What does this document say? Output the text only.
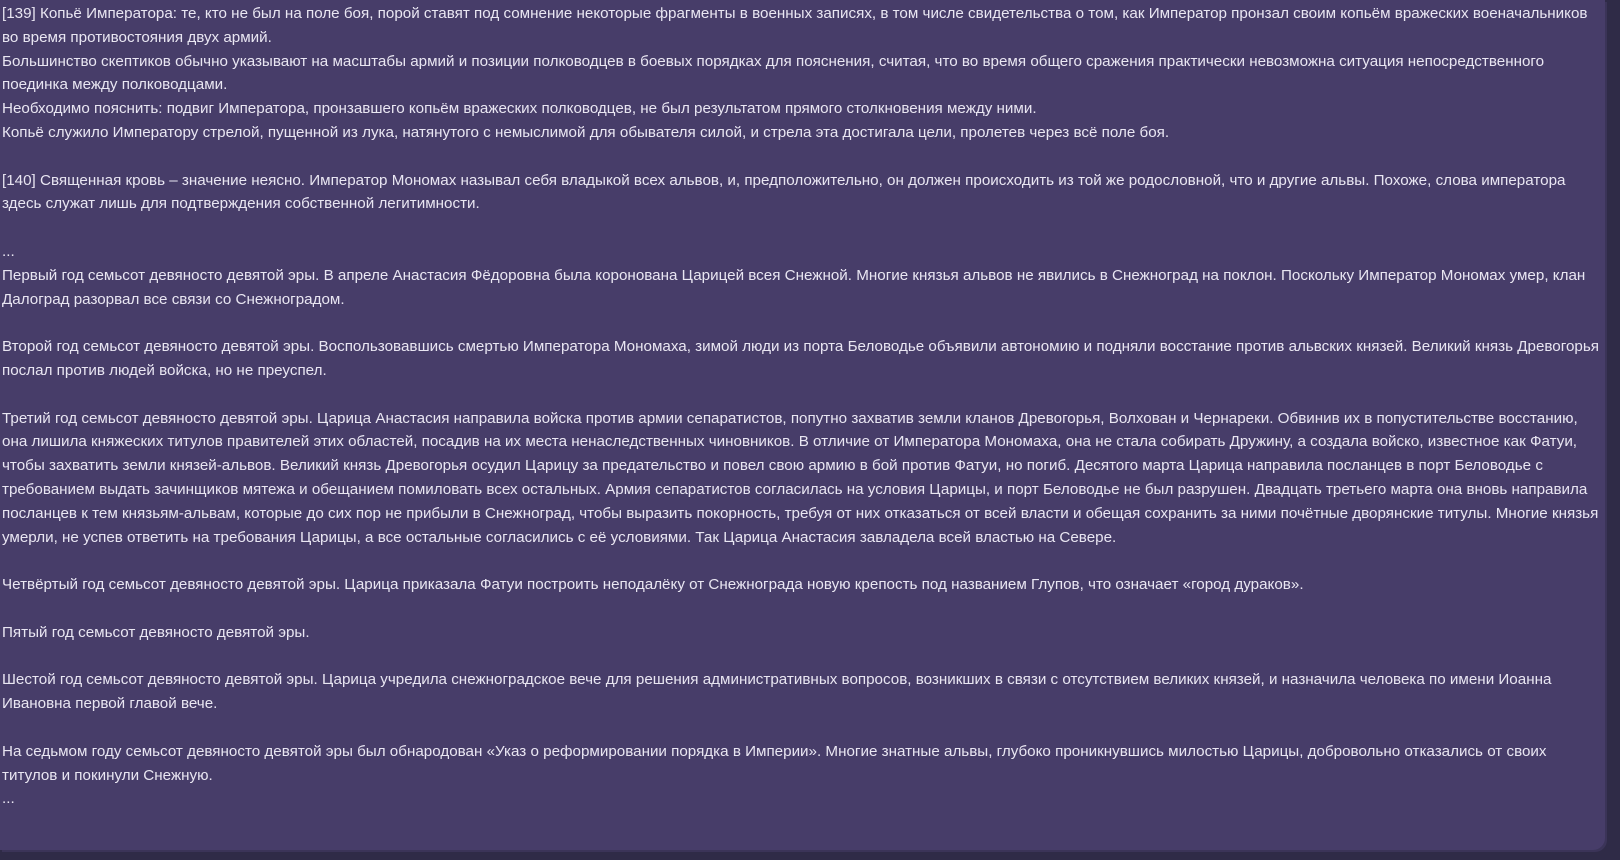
[139] Копьё Императора: те, кто не был на поле боя, порой ставят под сомнение некоторые фрагменты в военных записях, в том числе свидетельства о том, как Император пронзал своим копьём вражеских военачальников во время противостояния двух армий.

Большинство скептиков обычно указывают на масштабы армий и позиции полководцев в боевых порядках для пояснения, считая, что во время общего сражения практически невозможна ситуация непосредственного поединка между полководцами.

Необходимо пояснить: подвиг Императора, пронзавшего копьём вражеских полководцев, не был результатом прямого столкновения между ними.

Копьё служило Императору стрелой, пущенной из лука, натянутого с немыслимой для обывателя силой, и стрела эта достигала цели, пролетев через всё поле боя.

[140] Священная кровь – значение неясно. Император Мономах называл себя владыкой всех альвов, и, предположительно, он должен происходить из той же родословной, что и другие альвы. Похоже, слова императора здесь служат лишь для подтверждения собственной легитимности.

...

Первый год семьсот девяносто девятой эры. В апреле Анастасия Фёдоровна была коронована Царицей всея Снежной. Многие князья альвов не явились в Снежноград на поклон. Поскольку Император Мономах умер, клан Далоград разорвал все связи со Снежноградом.

Второй год семьсот девяносто девятой эры. Воспользовавшись смертью Императора Мономаха, зимой люди из порта Беловодье объявили автономию и подняли восстание против альвских князей. Великий князь Древогорья послал против людей войска, но не преуспел.

Третий год семьсот девяносто девятой эры. Царица Анастасия направила войска против армии сепаратистов, попутно захватив земли кланов Древогорья, Волхован и Чернареки. Обвинив их в попустительстве восстанию, она лишила княжеских титулов правителей этих областей, посадив на их места ненаследственных чиновников. В отличие от Императора Мономаха, она не стала собирать Дружину, а создала войско, известное как Фатуи, чтобы захватить земли князей-альвов. Великий князь Древогорья осудил Царицу за предательство и повел свою армию в бой против Фатуи, но погиб. Десятого марта Царица направила посланцев в порт Беловодье с требованием выдать зачинщиков мятежа и обещанием помиловать всех остальных. Армия сепаратистов согласилась на условия Царицы, и порт Беловодье не был разрушен. Двадцать третьего марта она вновь направила посланцев к тем князьям-альвам, которые до сих пор не прибыли в Снежноград, чтобы выразить покорность, требуя от них отказаться от всей власти и обещая сохранить за ними почётные дворянские титулы. Многие князья умерли, не успев ответить на требования Царицы, а все остальные согласились с её условиями. Так Царица Анастасия завладела всей властью на Севере.

Четвёртый год семьсот девяносто девятой эры. Царица приказала Фатуи построить неподалёку от Снежнограда новую крепость под названием Глупов, что означает «город дураков».

Пятый год семьсот девяносто девятой эры.

Шестой год семьсот девяносто девятой эры. Царица учредила снежноградское вече для решения административных вопросов, возникших в связи с отсутствием великих князей, и назначила человека по имени Иоанна Ивановна первой главой вече.

На седьмом году семьсот девяносто девятой эры был обнародован «Указ о реформировании порядка в Империи». Многие знатные альвы, глубоко проникнувшись милостью Царицы, добровольно отказались от своих титулов и покинули Снежную.

...
